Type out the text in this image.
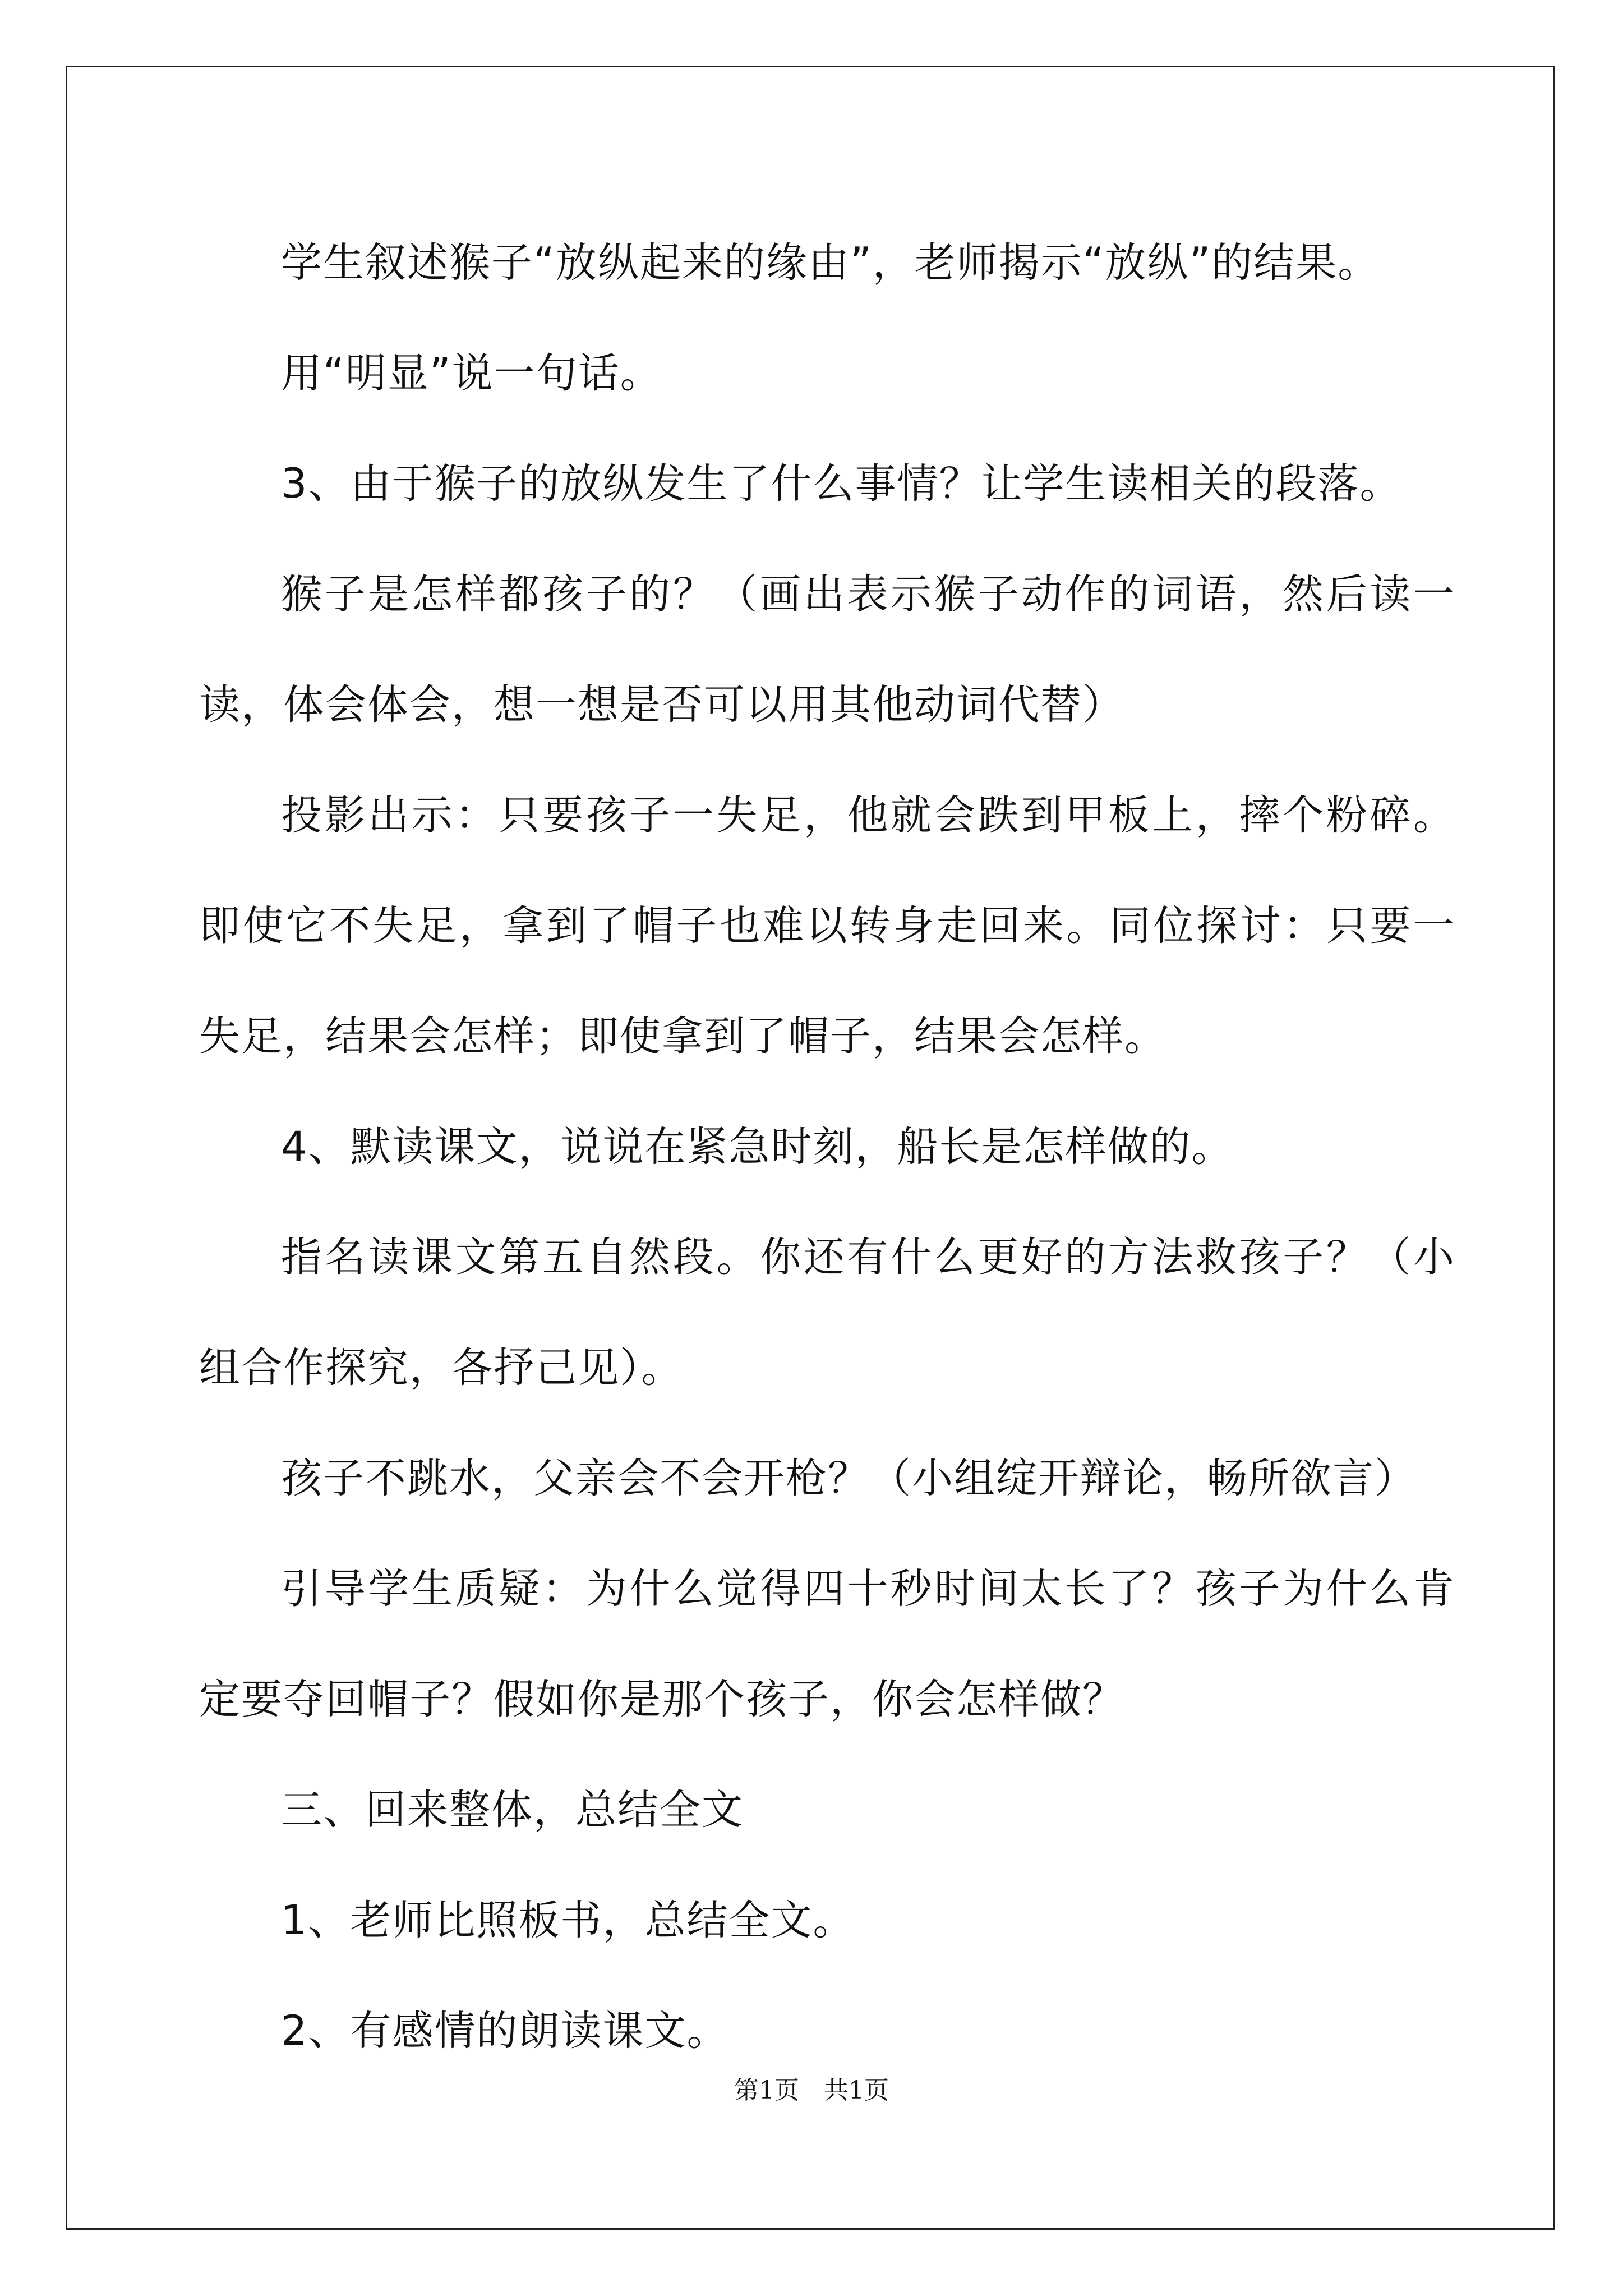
学生叙述猴子“放纵起来的缘由”，老师揭示“放纵”的结果。

用“明显”说一句话。

3、由于猴子的放纵发生了什么事情？让学生读相关的段落。

猴子是怎样都孩子的？（画出表示猴子动作的词语，然后读一读，体会体会，想一想是否可以用其他动词代替）

投影出示：只要孩子一失足，他就会跌到甲板上，摔个粉碎。即使它不失足，拿到了帽子也难以转身走回来。同位探讨：只要一失足，结果会怎样；即使拿到了帽子，结果会怎样。

4、默读课文，说说在紧急时刻，船长是怎样做的。

指名读课文第五自然段。你还有什么更好的方法救孩子？（小组合作探究，各抒己见）。

孩子不跳水，父亲会不会开枪？（小组绽开辩论，畅所欲言）

引导学生质疑：为什么觉得四十秒时间太长了？孩子为什么肯定要夺回帽子？假如你是那个孩子，你会怎样做？

三、回来整体，总结全文

1、老师比照板书，总结全文。

2、有感情的朗读课文。

第1页　共1页
